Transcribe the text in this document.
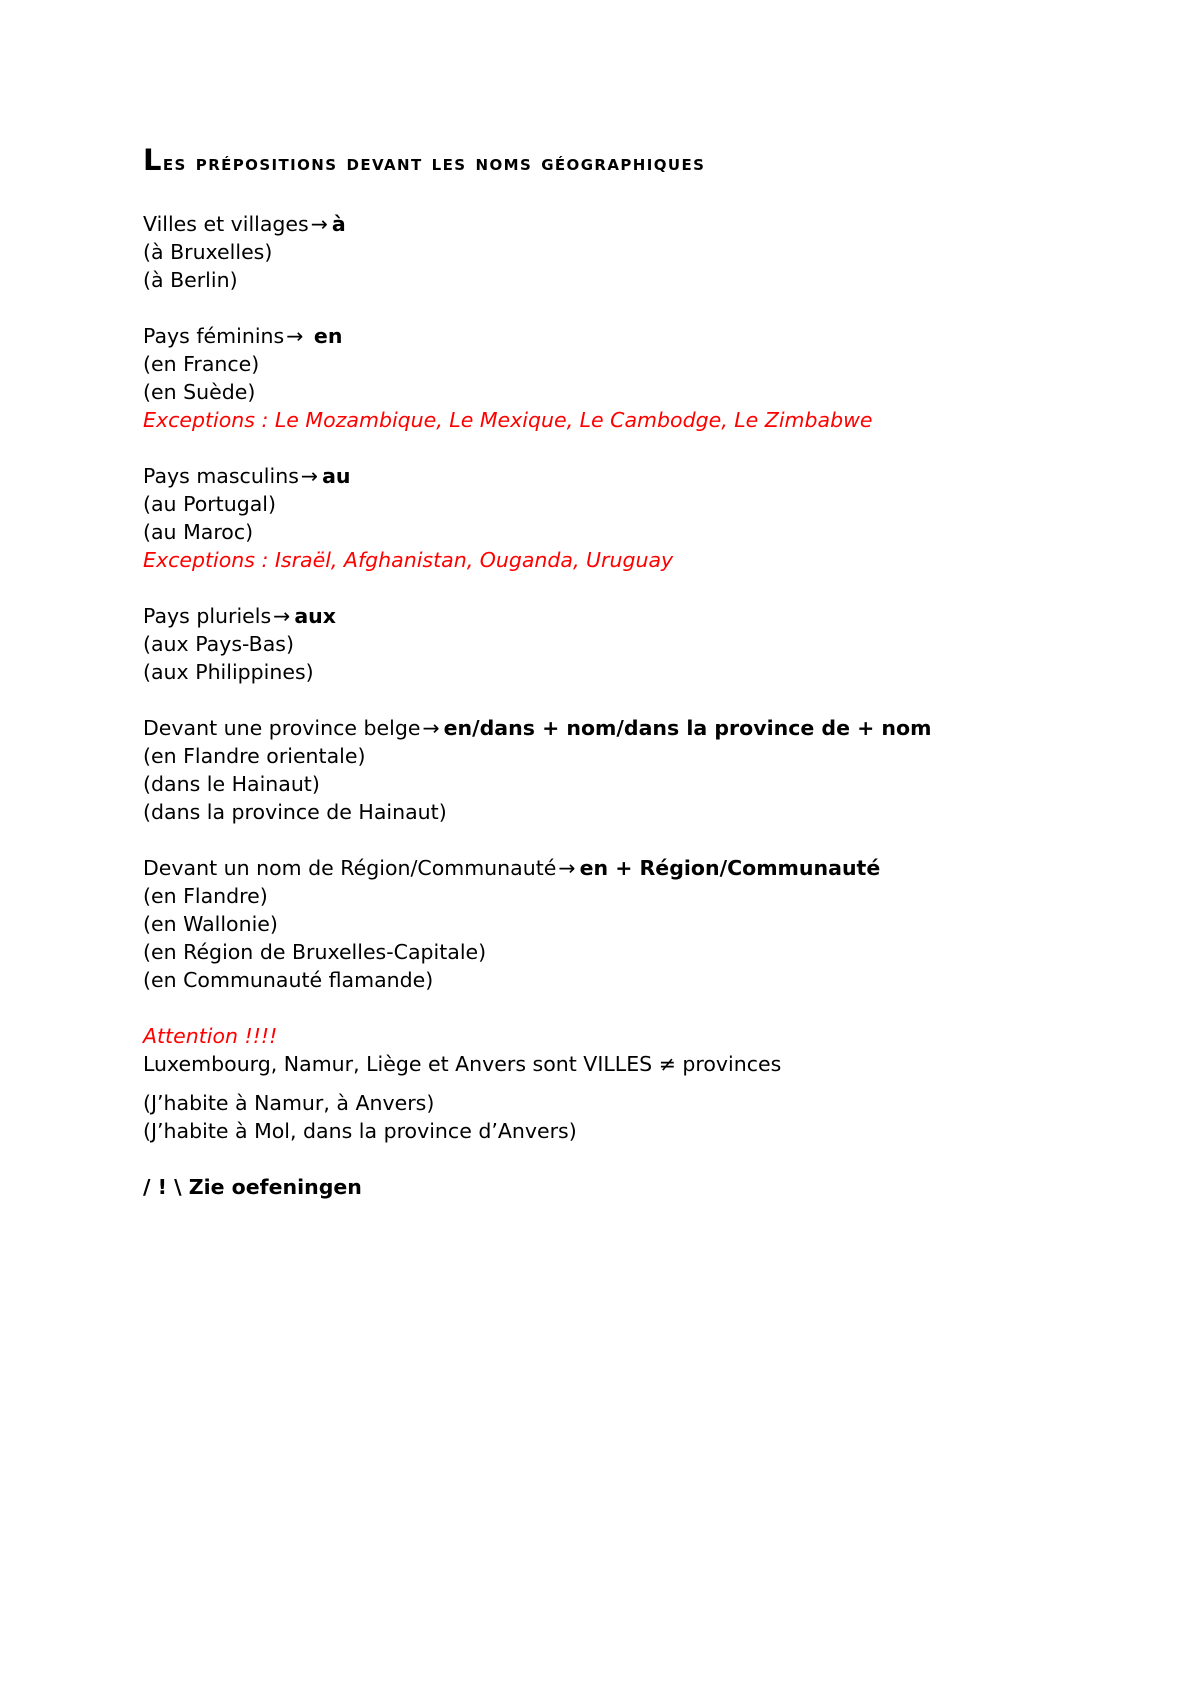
Les prépositions devant les noms géographiques

Villes et villages→ à

(à Bruxelles)

(à Berlin)

Pays féminins→ en

(en France)

(en Suède)

Exceptions : Le Mozambique, Le Mexique, Le Cambodge, Le Zimbabwe

Pays masculins→ au

(au Portugal)

(au Maroc)

Exceptions : Israël, Afghanistan, Ouganda, Uruguay

Pays pluriels→ aux

(aux Pays-Bas)

(aux Philippines)

Devant une province belge→ en/dans + nom/dans la province de + nom

(en Flandre orientale)

(dans le Hainaut)

(dans la province de Hainaut)

Devant un nom de Région/Communauté→ en + Région/Communauté

(en Flandre)

(en Wallonie)

(en Région de Bruxelles-Capitale)

(en Communauté flamande)

Attention !!!!

Luxembourg, Namur, Liège et Anvers sont VILLES ≠ provinces

(J’habite à Namur, à Anvers)

(J’habite à Mol, dans la province d’Anvers)

/ ! \ Zie oefeningen
